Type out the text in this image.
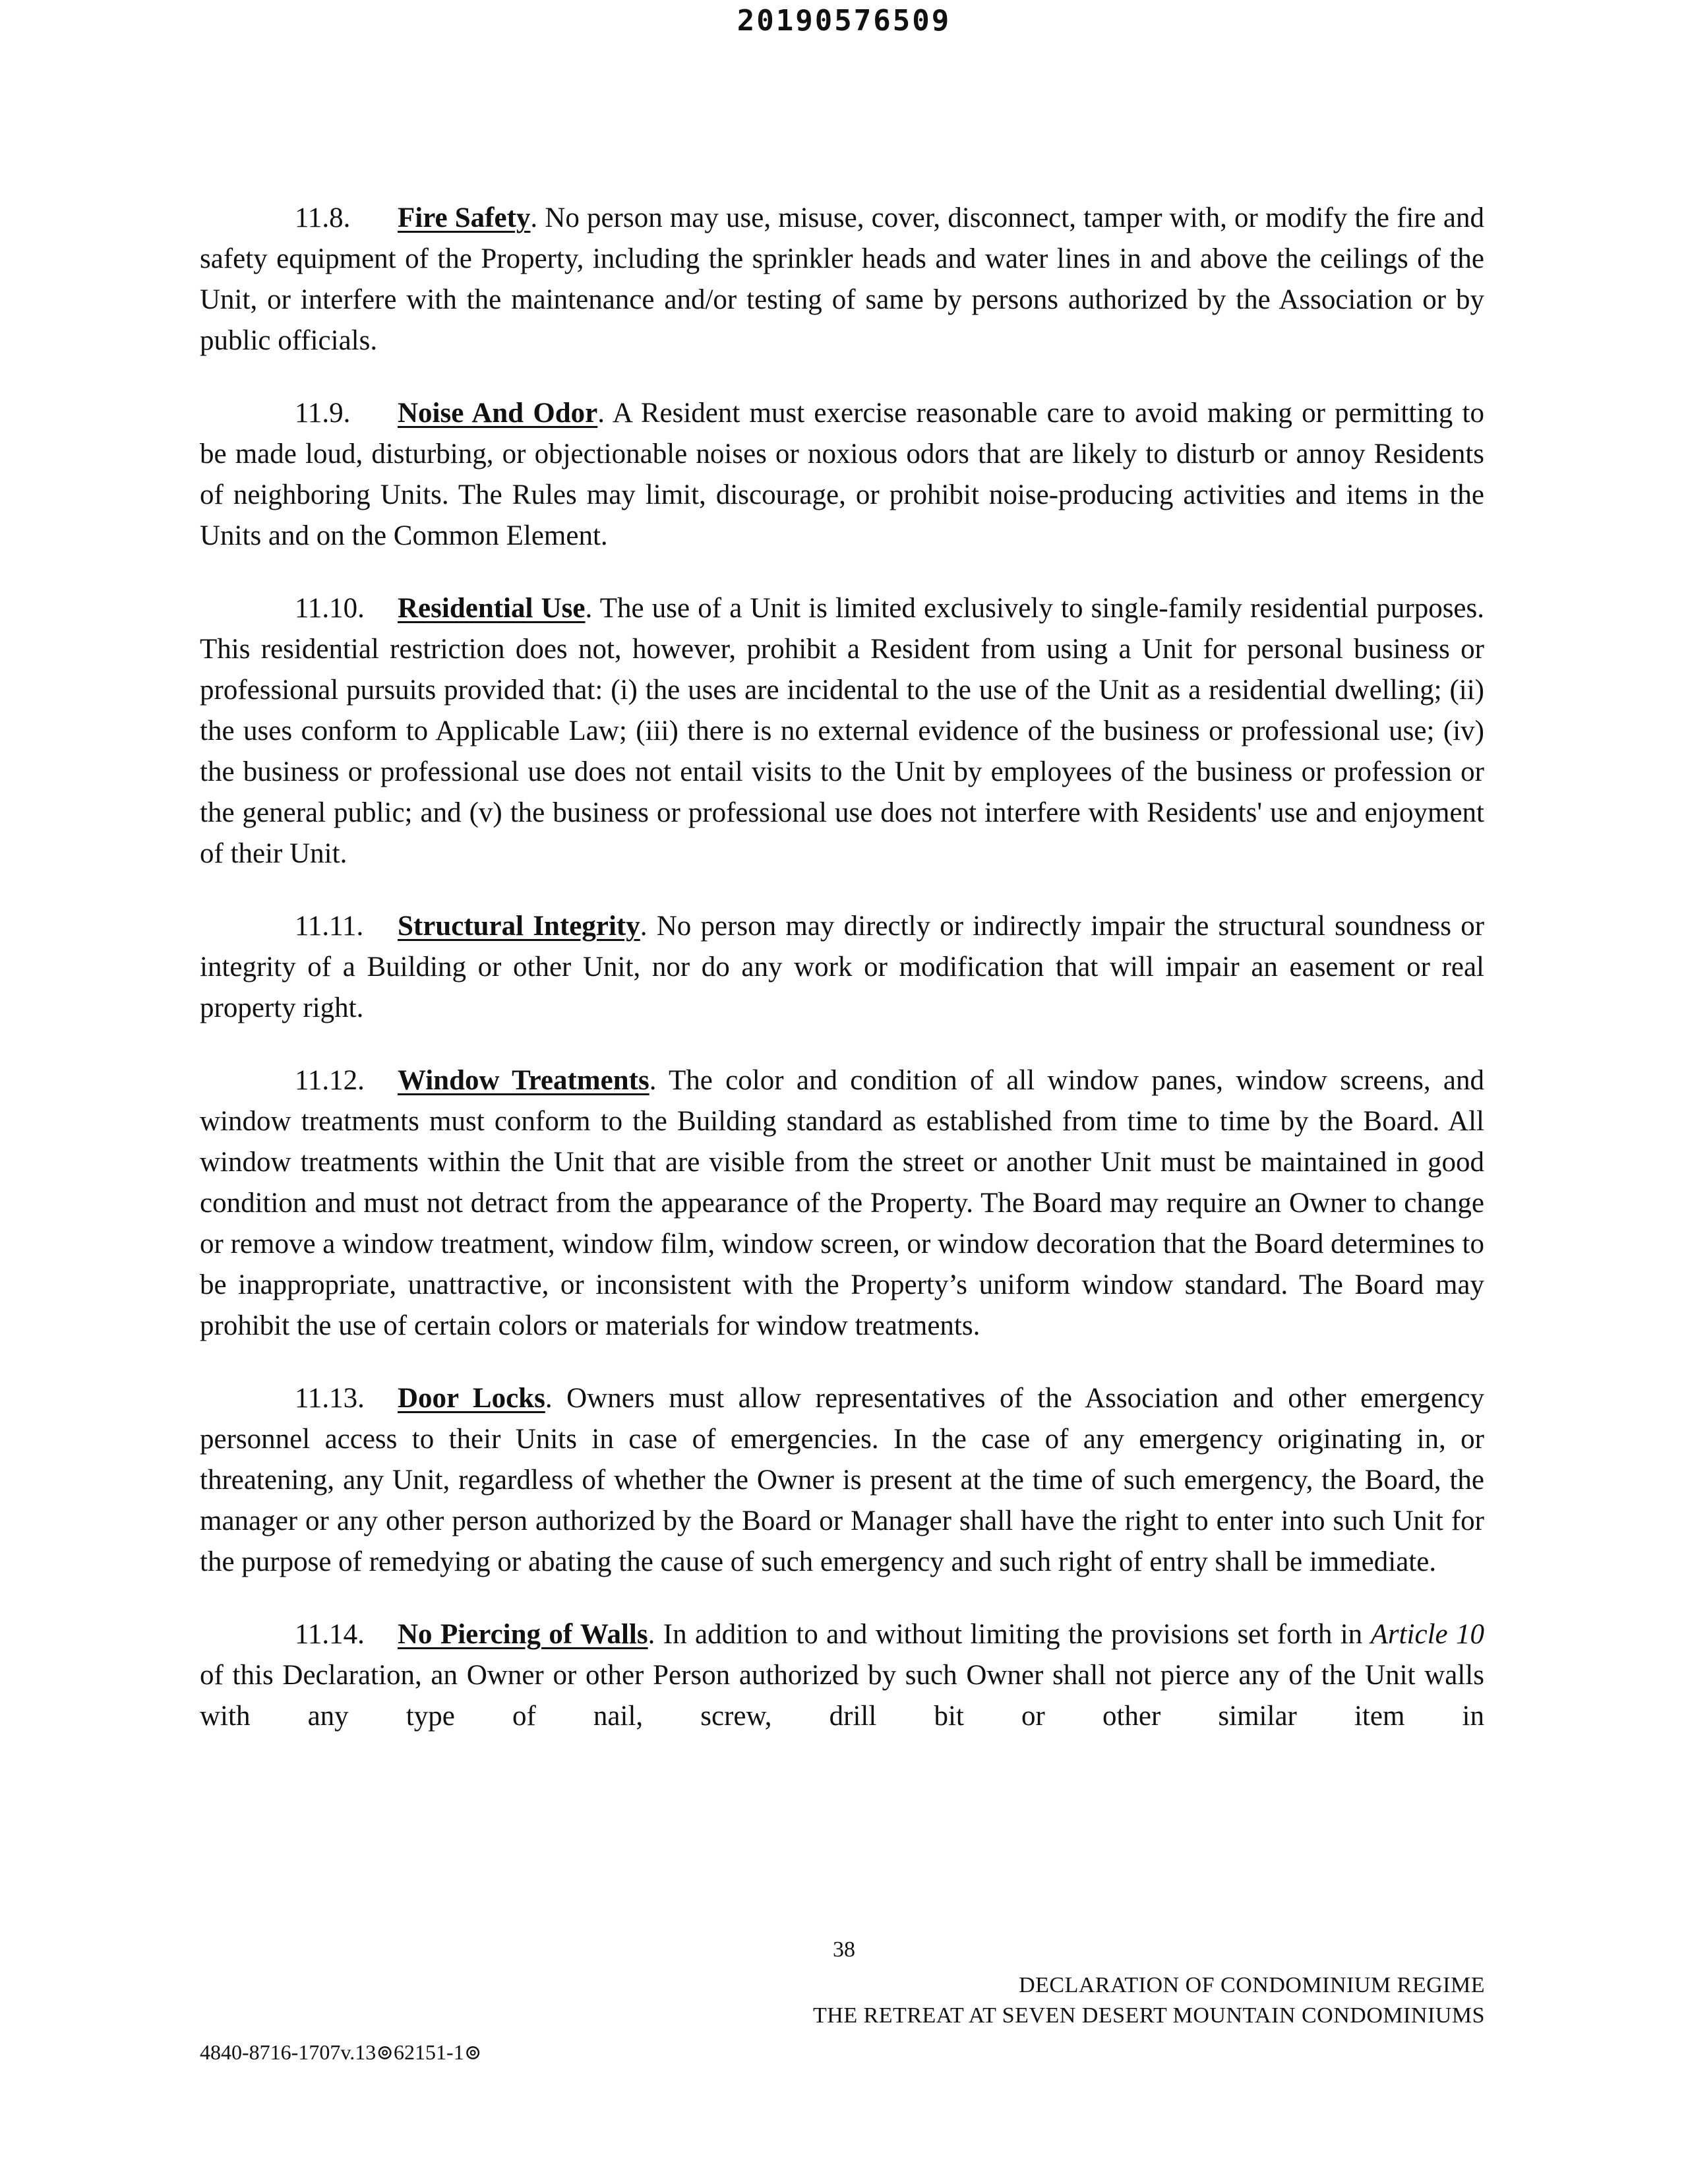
20190576509

11.8. Fire Safety. No person may use, misuse, cover, disconnect, tamper with, or modify the fire and safety equipment of the Property, including the sprinkler heads and water lines in and above the ceilings of the Unit, or interfere with the maintenance and/or testing of same by persons authorized by the Association or by public officials.

11.9. Noise And Odor. A Resident must exercise reasonable care to avoid making or permitting to be made loud, disturbing, or objectionable noises or noxious odors that are likely to disturb or annoy Residents of neighboring Units. The Rules may limit, discourage, or prohibit noise-producing activities and items in the Units and on the Common Element.

11.10. Residential Use. The use of a Unit is limited exclusively to single-family residential purposes. This residential restriction does not, however, prohibit a Resident from using a Unit for personal business or professional pursuits provided that: (i) the uses are incidental to the use of the Unit as a residential dwelling; (ii) the uses conform to Applicable Law; (iii) there is no external evidence of the business or professional use; (iv) the business or professional use does not entail visits to the Unit by employees of the business or profession or the general public; and (v) the business or professional use does not interfere with Residents' use and enjoyment of their Unit.

11.11. Structural Integrity. No person may directly or indirectly impair the structural soundness or integrity of a Building or other Unit, nor do any work or modification that will impair an easement or real property right.

11.12. Window Treatments. The color and condition of all window panes, window screens, and window treatments must conform to the Building standard as established from time to time by the Board. All window treatments within the Unit that are visible from the street or another Unit must be maintained in good condition and must not detract from the appearance of the Property. The Board may require an Owner to change or remove a window treatment, window film, window screen, or window decoration that the Board determines to be inappropriate, unattractive, or inconsistent with the Property’s uniform window standard. The Board may prohibit the use of certain colors or materials for window treatments.

11.13. Door Locks. Owners must allow representatives of the Association and other emergency personnel access to their Units in case of emergencies. In the case of any emergency originating in, or threatening, any Unit, regardless of whether the Owner is present at the time of such emergency, the Board, the manager or any other person authorized by the Board or Manager shall have the right to enter into such Unit for the purpose of remedying or abating the cause of such emergency and such right of entry shall be immediate.

11.14. No Piercing of Walls. In addition to and without limiting the provisions set forth in Article 10 of this Declaration, an Owner or other Person authorized by such Owner shall not pierce any of the Unit walls with any type of nail, screw, drill bit or other similar item in

38
DECLARATION OF CONDOMINIUM REGIME
THE RETREAT AT SEVEN DESERT MOUNTAIN CONDOMINIUMS
4840-8716-1707v.13⊚62151-1⊚
